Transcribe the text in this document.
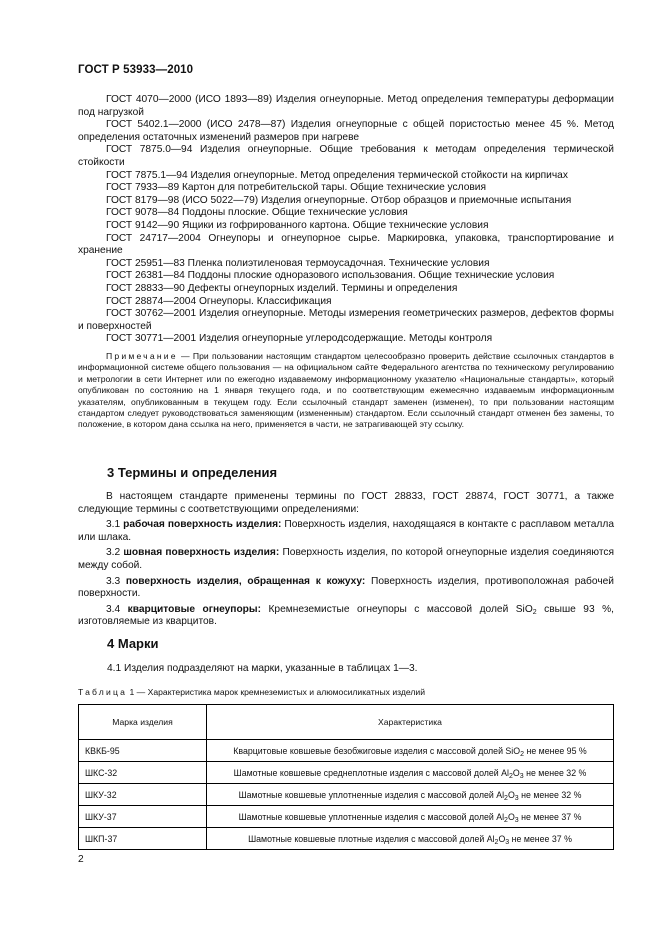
ГОСТ Р 53933—2010

ГОСТ 4070—2000 (ИСО 1893—89) Изделия огнеупорные. Метод определения температуры деформации под нагрузкой

ГОСТ 5402.1—2000 (ИСО 2478—87) Изделия огнеупорные с общей пористостью менее 45 %. Метод определения остаточных изменений размеров при нагреве

ГОСТ 7875.0—94 Изделия огнеупорные. Общие требования к методам определения термической стойкости

ГОСТ 7875.1—94 Изделия огнеупорные. Метод определения термической стойкости на кирпичах

ГОСТ 7933—89 Картон для потребительской тары. Общие технические условия

ГОСТ 8179—98 (ИСО 5022—79) Изделия огнеупорные. Отбор образцов и приемочные испытания

ГОСТ 9078—84 Поддоны плоские. Общие технические условия

ГОСТ 9142—90 Ящики из гофрированного картона. Общие технические условия

ГОСТ 24717—2004 Огнеупоры и огнеупорное сырье. Маркировка, упаковка, транспортирование и хранение

ГОСТ 25951—83 Пленка полиэтиленовая термоусадочная. Технические условия

ГОСТ 26381—84 Поддоны плоские одноразового использования. Общие технические условия

ГОСТ 28833—90 Дефекты огнеупорных изделий. Термины и определения

ГОСТ 28874—2004 Огнеупоры. Классификация

ГОСТ 30762—2001 Изделия огнеупорные. Методы измерения геометрических размеров, дефектов формы и поверхностей

ГОСТ 30771—2001 Изделия огнеупорные углеродсодержащие. Методы контроля

Примечание — При пользовании настоящим стандартом целесообразно проверить действие ссылочных стандартов в информационной системе общего пользования — на официальном сайте Федерального агентства по техническому регулированию и метрологии в сети Интернет или по ежегодно издаваемому информационному указателю «Национальные стандарты», который опубликован по состоянию на 1 января текущего года, и по соответствующим ежемесячно издаваемым информационным указателям, опубликованным в текущем году. Если ссылочный стандарт заменен (изменен), то при пользовании настоящим стандартом следует руководствоваться заменяющим (измененным) стандартом. Если ссылочный стандарт отменен без замены, то положение, в котором дана ссылка на него, применяется в части, не затрагивающей эту ссылку.
3 Термины и определения

В настоящем стандарте применены термины по ГОСТ 28833, ГОСТ 28874, ГОСТ 30771, а также следующие термины с соответствующими определениями:

3.1 рабочая поверхность изделия: Поверхность изделия, находящаяся в контакте с расплавом металла или шлака.

3.2 шовная поверхность изделия: Поверхность изделия, по которой огнеупорные изделия соединяются между собой.

3.3 поверхность изделия, обращенная к кожуху: Поверхность изделия, противоположная рабочей поверхности.

3.4 кварцитовые огнеупоры: Кремнеземистые огнеупоры с массовой долей SiO$_2$ свыше 93 %, изготовляемые из кварцитов.

4 Марки
4.1 Изделия подразделяют на марки, указанные в таблицах 1—3.
Таблица 1 — Характеристика марок кремнеземистых и алюмосиликатных изделий
Марка изделия	Характеристика
КВКБ-95	Кварцитовые ковшевые безобжиговые изделия с массовой долей SiO$_2$ не менее 95 %
ШКС-32	Шамотные ковшевые среднеплотные изделия с массовой долей $Al_2O_3$ не менее 32 %
ШКУ-32	Шамотные ковшевые уплотненные изделия с массовой долей $Al_2O_3$ не менее 32 %
ШКУ-37	Шамотные ковшевые уплотненные изделия с массовой долей $Al_2O_3$ не менее 37 %
ШКП-37	Шамотные ковшевые плотные изделия с массовой долей $Al_2O_3$ не менее 37 %
2
